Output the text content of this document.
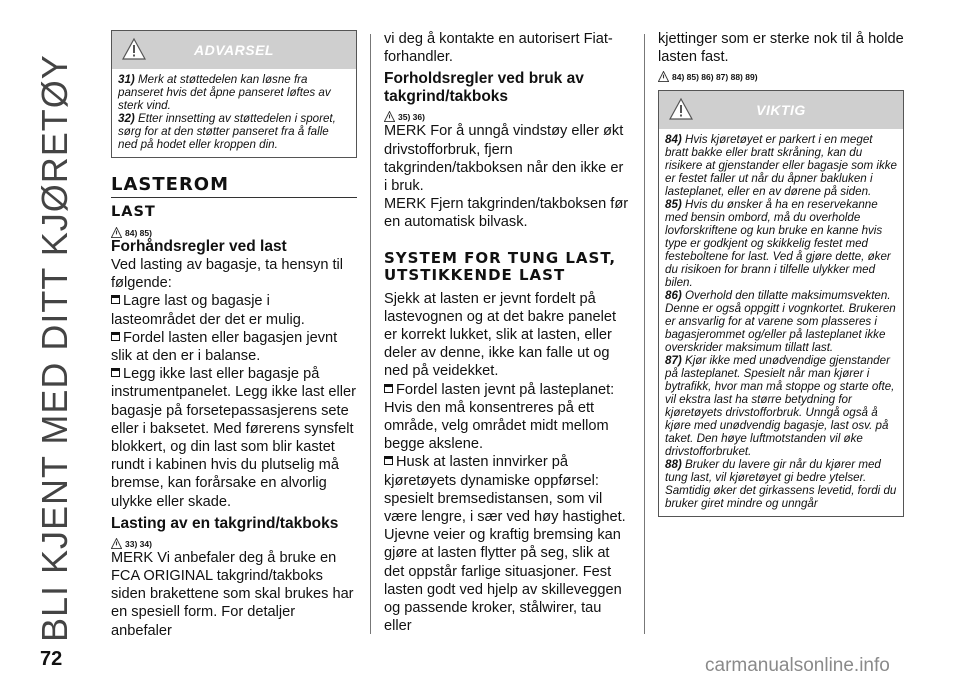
BLI KJENT MED DITT KJØRETØY
ADVARSEL
31) Merk at støttedelen kan løsne fra panseret hvis det åpne panseret løftes av sterk vind.
32) Etter innsetting av støttedelen i sporet, sørg for at den støtter panseret fra å falle ned på hodet eller kroppen din.
LASTEROM
LAST
84) 85)
Forhåndsregler ved last

Ved lasting av bagasje, ta hensyn til følgende:

Lagre last og bagasje i lasteområdet der det er mulig.

Fordel lasten eller bagasjen jevnt slik at den er i balanse.

Legg ikke last eller bagasje på instrumentpanelet. Legg ikke last eller bagasje på forsetepassasjerens sete eller i baksetet. Med førerens synsfelt blokkert, og din last som blir kastet rundt i kabinen hvis du plutselig må bremse, kan forårsake en alvorlig ulykke eller skade.

Lasting av en takgrind/takboks
33) 34)

MERK Vi anbefaler deg å bruke en FCA ORIGINAL takgrind/takboks siden brakettene som skal brukes har en spesiell form. For detaljer anbefaler

vi deg å kontakte en autorisert Fiat-forhandler.

Forholdsregler ved bruk av takgrind/takboks
35) 36)

MERK For å unngå vindstøy eller økt drivstofforbruk, fjern takgrinden/takboksen når den ikke er i bruk.

MERK Fjern takgrinden/takboksen før en automatisk bilvask.

SYSTEM FOR TUNG LAST, UTSTIKKENDE LAST

Sjekk at lasten er jevnt fordelt på lastevognen og at det bakre panelet er korrekt lukket, slik at lasten, eller deler av denne, ikke kan falle ut og ned på veidekket.

Fordel lasten jevnt på lasteplanet: Hvis den må konsentreres på ett område, velg området midt mellom begge akslene.

Husk at lasten innvirker på kjøretøyets dynamiske oppførsel: spesielt bremsedistansen, som vil være lengre, i sær ved høy hastighet.

Ujevne veier og kraftig bremsing kan gjøre at lasten flytter på seg, slik at det oppstår farlige situasjoner. Fest lasten godt ved hjelp av skilleveggen og passende kroker, stålwirer, tau eller

kjettinger som er sterke nok til å holde lasten fast.

84) 85) 86) 87) 88) 89)
VIKTIG
84) Hvis kjøretøyet er parkert i en meget bratt bakke eller bratt skråning, kan du risikere at gjenstander eller bagasje som ikke er festet faller ut når du åpner bakluken i lasteplanet, eller en av dørene på siden.
85) Hvis du ønsker å ha en reservekanne med bensin ombord, må du overholde lovforskriftene og kun bruke en kanne hvis type er godkjent og skikkelig festet med festeboltene for last. Ved å gjøre dette, øker du risikoen for brann i tilfelle ulykker med bilen.
86) Overhold den tillatte maksimumsvekten. Denne er også oppgitt i vognkortet. Brukeren er ansvarlig for at varene som plasseres i bagasjerommet og/eller på lasteplanet ikke overskrider maksimum tillatt last.
87) Kjør ikke med unødvendige gjenstander på lasteplanet. Spesielt når man kjører i bytrafikk, hvor man må stoppe og starte ofte, vil ekstra last ha større betydning for kjøretøyets drivstofforbruk. Unngå også å kjøre med unødvendig bagasje, last osv. på taket. Den høye luftmotstanden vil øke drivstofforbruket.
88) Bruker du lavere gir når du kjører med tung last, vil kjøretøyet gi bedre ytelser. Samtidig øker det girkassens levetid, fordi du bruker giret mindre og unngår
72	carmanualsonline.info
